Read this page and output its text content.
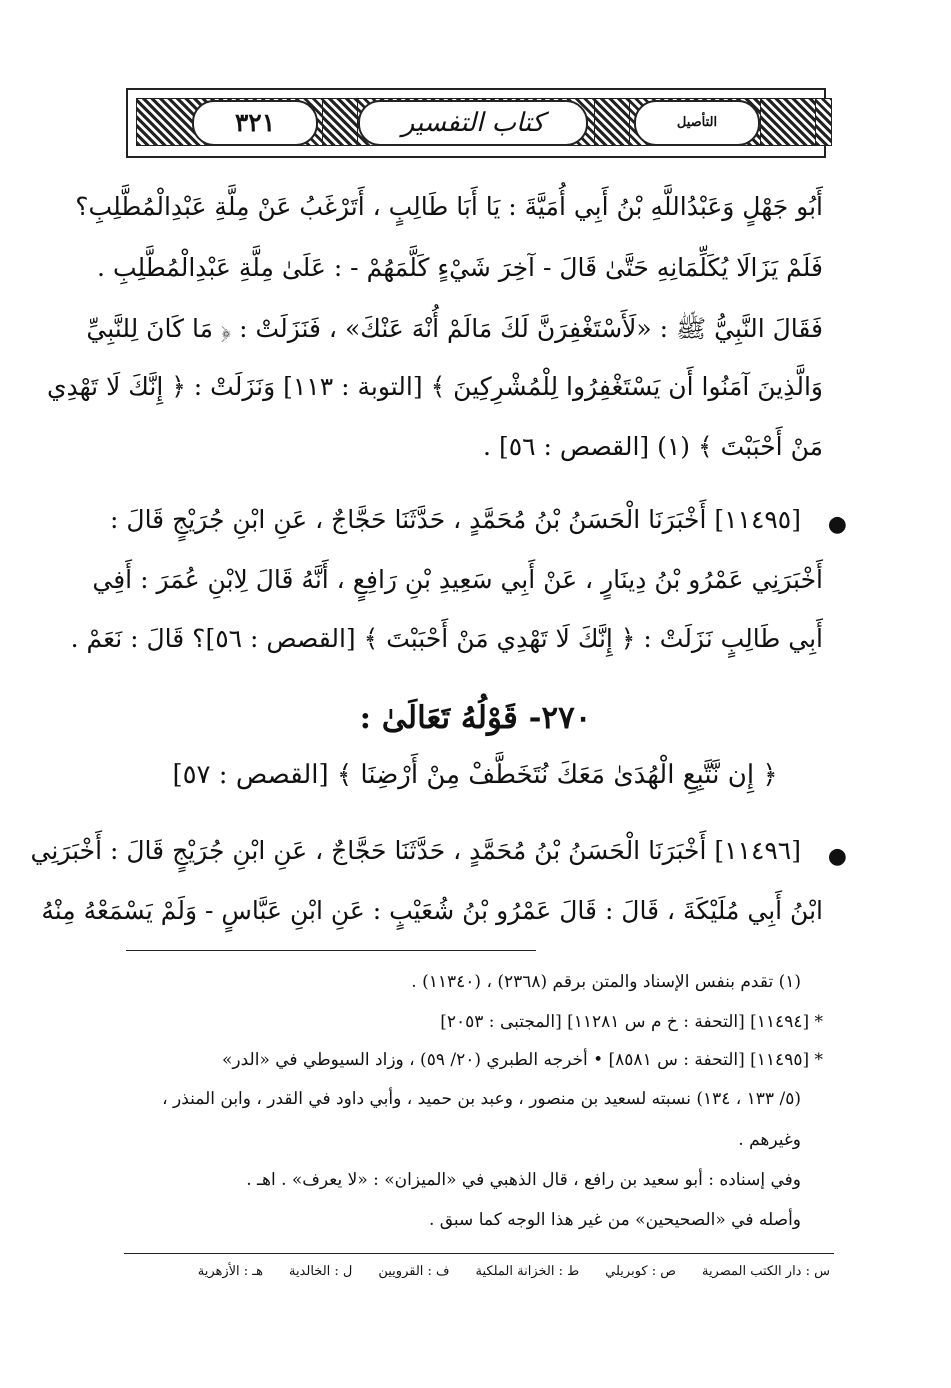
٣٢١	كتاب التفسير	التأصيل
أَبُو جَهْلٍ وَعَبْدُاللَّهِ بْنُ أَبِي أُمَيَّةَ : يَا أَبَا طَالِبٍ ، أَتَرْغَبُ عَنْ مِلَّةِ عَبْدِالْمُطَّلِبِ؟
فَلَمْ يَزَالَا يُكَلِّمَانِهِ حَتَّىٰ قَالَ - آخِرَ شَيْءٍ كَلَّمَهُمْ - : عَلَىٰ مِلَّةِ عَبْدِالْمُطَّلِبِ .
فَقَالَ النَّبِيُّ ﷺ : «لَأَسْتَغْفِرَنَّ لَكَ مَالَمْ أُنْهَ عَنْكَ» ، فَنَزَلَتْ : ﴿ مَا كَانَ لِلنَّبِيِّ
وَالَّذِينَ آمَنُوا أَن يَسْتَغْفِرُوا لِلْمُشْرِكِينَ ﴾ [التوبة : ١١٣] وَنَزَلَتْ : ﴿ إِنَّكَ لَا تَهْدِي
مَنْ أَحْبَبْتَ ﴾ (١) [القصص : ٥٦] .
●
[١١٤٩٥] أَخْبَرَنَا الْحَسَنُ بْنُ مُحَمَّدٍ ، حَدَّثَنَا حَجَّاجٌ ، عَنِ ابْنِ جُرَيْجٍ قَالَ :
أَخْبَرَنِي عَمْرُو بْنُ دِينَارٍ ، عَنْ أَبِي سَعِيدِ بْنِ رَافِعٍ ، أَنَّهُ قَالَ لِابْنِ عُمَرَ : أَفِي
أَبِي طَالِبٍ نَزَلَتْ : ﴿ إِنَّكَ لَا تَهْدِي مَنْ أَحْبَبْتَ ﴾ [القصص : ٥٦]؟ قَالَ : نَعَمْ .
٢٧٠- قَوْلُهُ تَعَالَىٰ :
﴿ إِن نَّتَّبِعِ الْهُدَىٰ مَعَكَ نُتَخَطَّفْ مِنْ أَرْضِنَا ﴾ [القصص : ٥٧]
●
[١١٤٩٦] أَخْبَرَنَا الْحَسَنُ بْنُ مُحَمَّدٍ ، حَدَّثَنَا حَجَّاجٌ ، عَنِ ابْنِ جُرَيْجٍ قَالَ : أَخْبَرَنِي
ابْنُ أَبِي مُلَيْكَةَ ، قَالَ : قَالَ عَمْرُو بْنُ شُعَيْبٍ : عَنِ ابْنِ عَبَّاسٍ - وَلَمْ يَسْمَعْهُ مِنْهُ
(١) تقدم بنفس الإسناد والمتن برقم (٢٣٦٨) ، (١١٣٤٠) .
* [١١٤٩٤] [التحفة : خ م س ١١٢٨١] [المجتبى : ٢٠٥٣]
* [١١٤٩٥] [التحفة : س ٨٥٨١] • أخرجه الطبري (٢٠/ ٥٩) ، وزاد السيوطي في «الدر»
(٥/ ١٣٣ ، ١٣٤) نسبته لسعيد بن منصور ، وعبد بن حميد ، وأبي داود في القدر ، وابن المنذر ،
وغيرهم .
وفي إسناده : أبو سعيد بن رافع ، قال الذهبي في «الميزان» : «لا يعرف» . اهـ .
وأصله في «الصحيحين» من غير هذا الوجه كما سبق .
س : دار الكتب المصرية
ص : كوبريلي
ط : الخزانة الملكية
ف : القرويين
ل : الخالدية
هـ : الأزهرية
